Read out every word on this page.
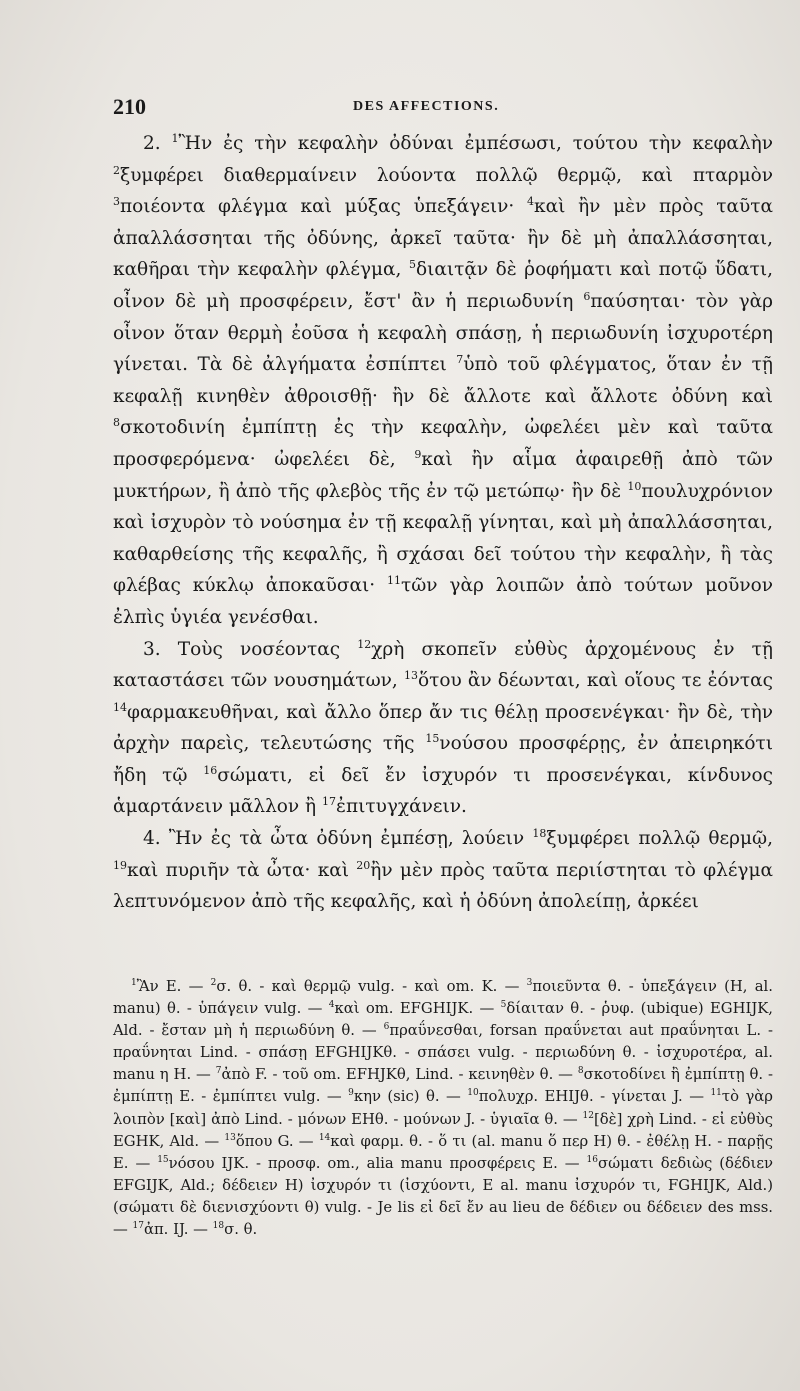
210	DES AFFECTIONS.

2. $^1$Ἢν ἐς τὴν κεφαλὴν ὀδύναι ἐμπέσωσι, τούτου τὴν κεφαλὴν $^2$ξυμφέρει διαθερμαίνειν λούοντα πολλῷ θερμῷ, καὶ πταρμὸν $^3$ποιέοντα φλέγμα καὶ μύξας ὑπεξάγειν· $^4$καὶ ἢν μὲν πρὸς ταῦτα ἀπαλλάσσηται τῆς ὀδύνης, ἀρκεῖ ταῦτα· ἢν δὲ μὴ ἀπαλλάσσηται, καθῆραι τὴν κεφαλὴν φλέγμα, $^5$διαιτᾷν δὲ ῥοφήματι καὶ ποτῷ ὕδατι, οἶνον δὲ μὴ προσφέρειν, ἔστ' ἂν ἡ περιωδυνίη $^6$παύσηται· τὸν γὰρ οἶνον ὅταν θερμὴ ἐοῦσα ἡ κεφαλὴ σπάσῃ, ἡ περιωδυνίη ἰσχυροτέρη γίνεται. Τὰ δὲ ἀλγήματα ἐσπίπτει $^7$ὑπὸ τοῦ φλέγματος, ὅταν ἐν τῇ κεφαλῇ κινηθὲν ἀθροισθῇ· ἢν δὲ ἄλλοτε καὶ ἄλλοτε ὀδύνη καὶ $^8$σκοτοδινίη ἐμπίπτῃ ἐς τὴν κεφαλὴν, ὠφελέει μὲν καὶ ταῦτα προσφερόμενα· ὠφελέει δὲ, $^9$καὶ ἢν αἷμα ἀφαιρεθῇ ἀπὸ τῶν μυκτήρων, ἢ ἀπὸ τῆς φλεβὸς τῆς ἐν τῷ μετώπῳ· ἢν δὲ $^{10}$πουλυχρόνιον καὶ ἰσχυρὸν τὸ νούσημα ἐν τῇ κεφαλῇ γίνηται, καὶ μὴ ἀπαλλάσσηται, καθαρθείσης τῆς κεφαλῆς, ἢ σχάσαι δεῖ τούτου τὴν κεφαλὴν, ἢ τὰς φλέβας κύκλῳ ἀποκαῦσαι· $^{11}$τῶν γὰρ λοιπῶν ἀπὸ τούτων μοῦνον ἐλπὶς ὑγιέα γενέσθαι.

3. Τοὺς νοσέοντας $^{12}$χρὴ σκοπεῖν εὐθὺς ἀρχομένους ἐν τῇ καταστάσει τῶν νουσημάτων, $^{13}$ὅτου ἂν δέωνται, καὶ οἵους τε ἐόντας $^{14}$φαρμακευθῆναι, καὶ ἄλλο ὅπερ ἄν τις θέλῃ προσενέγκαι· ἢν δὲ, τὴν ἀρχὴν παρεὶς, τελευτώσης τῆς $^{15}$νούσου προσφέρῃς, ἐν ἀπειρηκότι ἤδη τῷ $^{16}$σώματι, εἰ δεῖ ἔν ἰσχυρόν τι προσενέγκαι, κίνδυνος ἁμαρτάνειν μᾶλλον ἢ $^{17}$ἐπιτυγχάνειν.

4. Ἢν ἐς τὰ ὦτα ὀδύνη ἐμπέσῃ, λούειν $^{18}$ξυμφέρει πολλῷ θερμῷ, $^{19}$καὶ πυριῆν τὰ ὦτα· καὶ $^{20}$ἢν μὲν πρὸς ταῦτα περιίστηται τὸ φλέγμα λεπτυνόμενον ἀπὸ τῆς κεφαλῆς, καὶ ἡ ὀδύνη ἀπολείπῃ, ἀρκέει

$^1$Ἂν E. — $^2$σ. θ. - καὶ θερμῷ vulg. - καὶ om. K. — $^3$ποιεῦντα θ. - ὑπεξάγειν (H, al. manu) θ. - ὑπάγειν vulg. — $^4$καὶ om. EFGHIJK. — $^5$δίαιταν θ. - ῥυφ. (ubique) EGHIJK, Ald. - ἔσταν μὴ ἡ περιωδύνη θ. — $^6$πραΰνεσθαι, forsan πραΰνεται aut πραΰνηται L. - πραΰνηται Lind. - σπάσῃ EFGHIJKθ. - σπάσει vulg. - περιωδύνη θ. - ἰσχυροτέρα, al. manu η H. — $^7$ἀπὸ F. - τοῦ om. EFHJKθ, Lind. - κεινηθὲν θ. — $^8$σκοτοδίνει ἢ ἐμπίπτῃ θ. - ἐμπίπτῃ E. - ἐμπίπτει vulg. — $^9$κην (sic) θ. — $^{10}$πολυχρ. EHIJθ. - γίνεται J. — $^{11}$τὸ γὰρ λοιπὸν [καὶ] ἀπὸ Lind. - μόνων EHθ. - μούνων J. - ὑγιαῖα θ. — $^{12}$[δὲ] χρὴ Lind. - εἰ εὐθὺς EGHK, Ald. — $^{13}$ὅπου G. — $^{14}$καὶ φαρμ. θ. - ὅ τι (al. manu ὅ περ H) θ. - ἐθέλῃ H. - παρῇς E. — $^{15}$νόσου IJK. - προσφ. om., alia manu προσφέρεις E. — $^{16}$σώματι δεδιὼς (δέδιεν EFGIJK, Ald.; δέδειεν H) ἰσχυρόν τι (ἰσχύοντι, E al. manu ἰσχυρόν τι, FGHIJK, Ald.) (σώματι δὲ διενισχύοντι θ) vulg. - Je lis εἰ δεῖ ἔν au lieu de δέδιεν ou δέδειεν des mss. — $^{17}$ἀπ. IJ. — $^{18}$σ. θ.
